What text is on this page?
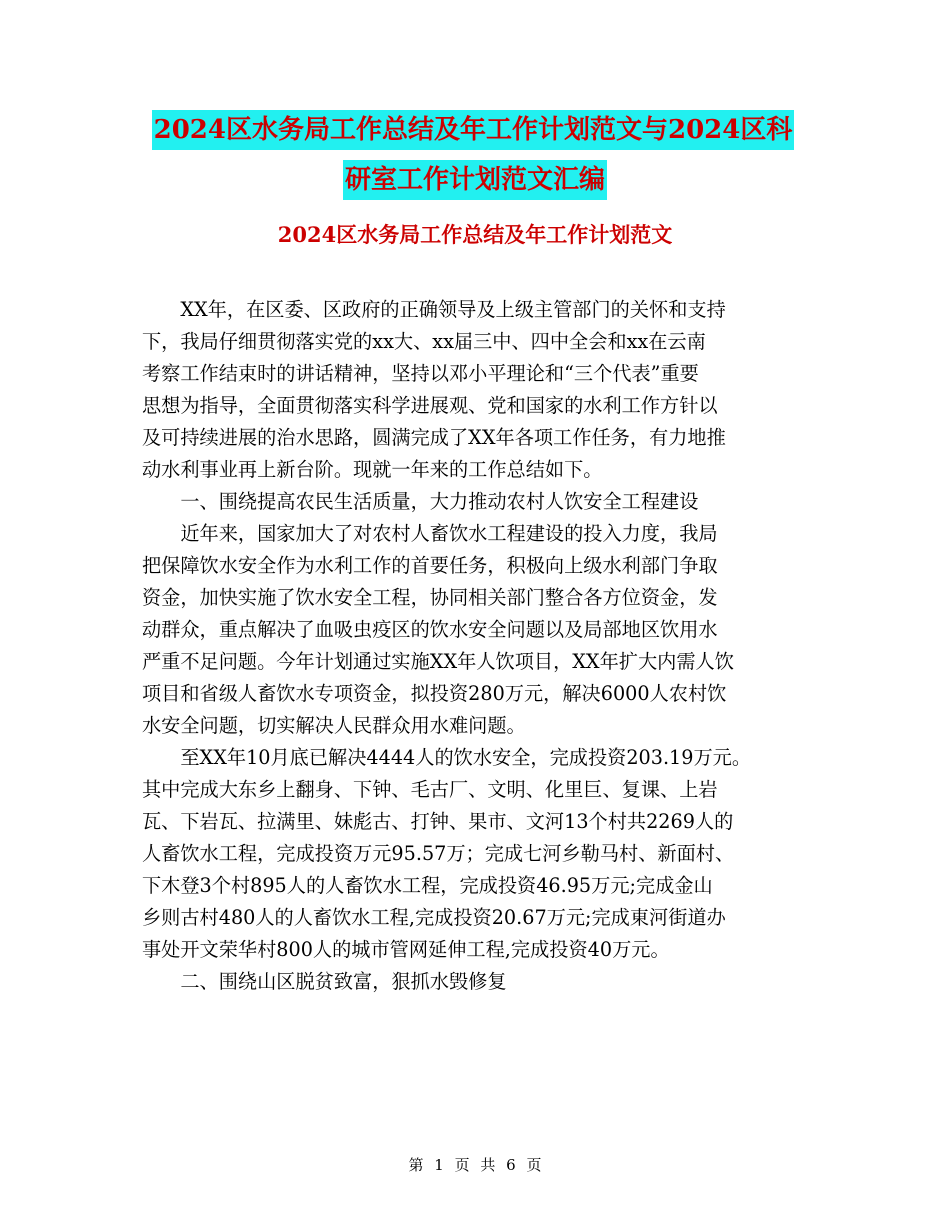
2024区水务局工作总结及年工作计划范文与2024区科
研室工作计划范文汇编
2024区水务局工作总结及年工作计划范文

　　XX年，在区委、区政府的正确领导及上级主管部门的关怀和支持
下，我局仔细贯彻落实党的xx大、xx届三中、四中全会和xx在云南
考察工作结束时的讲话精神，坚持以邓小平理论和“三个代表”重要
思想为指导，全面贯彻落实科学进展观、党和国家的水利工作方针以
及可持续进展的治水思路，圆满完成了XX年各项工作任务，有力地推
动水利事业再上新台阶。现就一年来的工作总结如下。

　　一、围绕提高农民生活质量，大力推动农村人饮安全工程建设

　　近年来，国家加大了对农村人畜饮水工程建设的投入力度，我局
把保障饮水安全作为水利工作的首要任务，积极向上级水利部门争取
资金，加快实施了饮水安全工程，协同相关部门整合各方位资金，发
动群众，重点解决了血吸虫疫区的饮水安全问题以及局部地区饮用水
严重不足问题。今年计划通过实施XX年人饮项目，XX年扩大内需人饮
项目和省级人畜饮水专项资金，拟投资280万元，解决6000人农村饮
水安全问题，切实解决人民群众用水难问题。

　　至XX年10月底已解决4444人的饮水安全，完成投资203.19万元。
其中完成大东乡上翻身、下钟、毛古厂、文明、化里巨、复课、上岩
瓦、下岩瓦、拉满里、妹彪古、打钟、果市、文河13个村共2269人的
人畜饮水工程，完成投资万元95.57万；完成七河乡勒马村、新面村、
下木登3个村895人的人畜饮水工程，完成投资46.95万元;完成金山
乡则古村480人的人畜饮水工程,完成投资20.67万元;完成東河街道办
事处开文荣华村800人的城市管网延伸工程,完成投资40万元。

　　二、围绕山区脱贫致富，狠抓水毁修复

第 1 页 共 6 页
